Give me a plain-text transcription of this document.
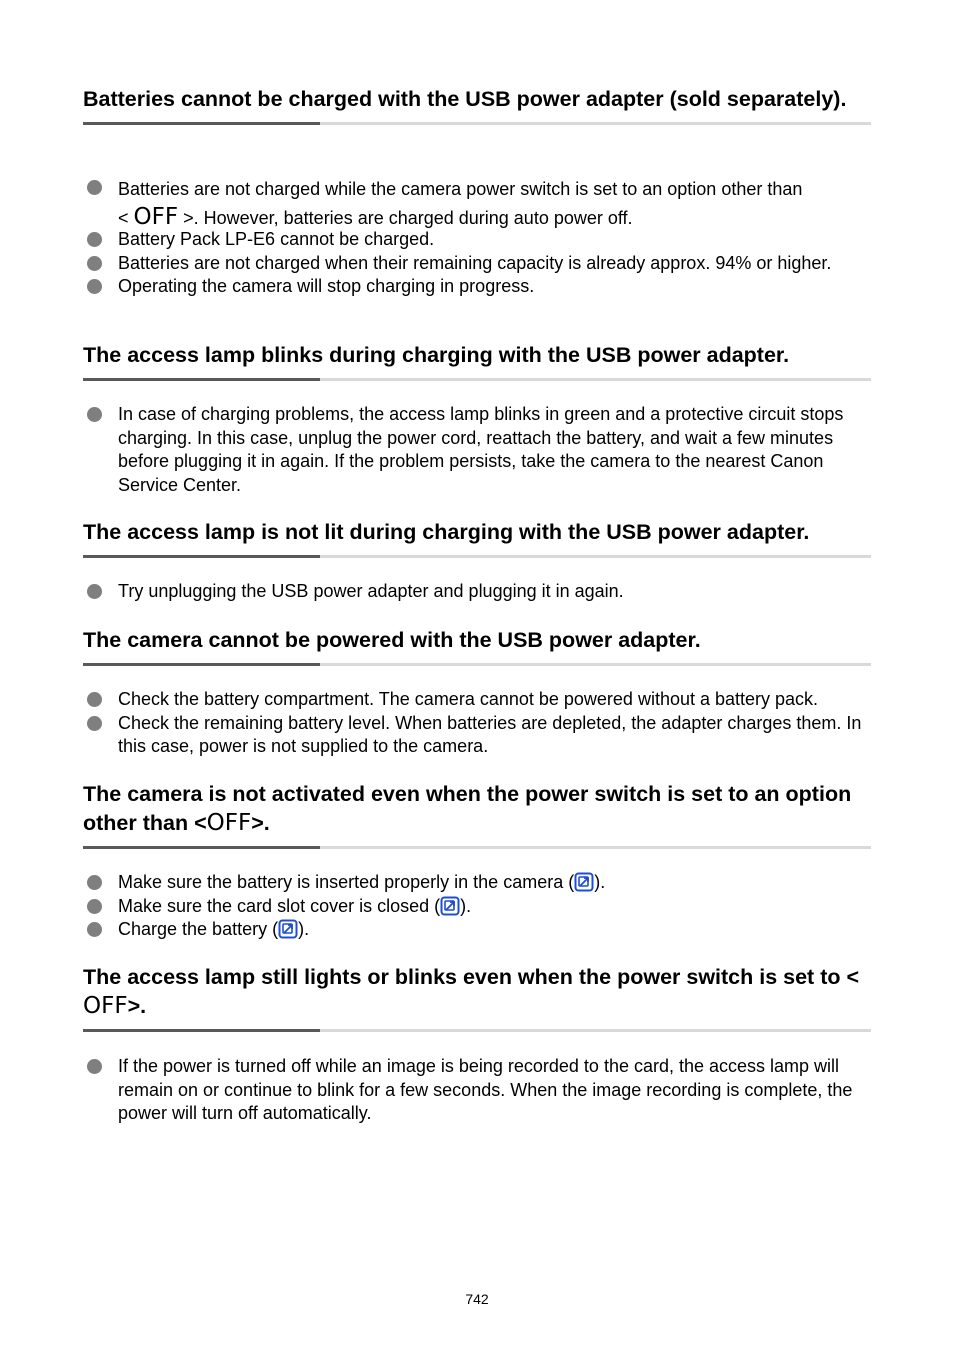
Batteries cannot be charged with the USB power adapter (sold separately).
Batteries are not charged while the camera power switch is set to an option other than
< OFF >. However, batteries are charged during auto power off.
Battery Pack LP-E6 cannot be charged.
Batteries are not charged when their remaining capacity is already approx. 94% or higher.
Operating the camera will stop charging in progress.
The access lamp blinks during charging with the USB power adapter.
In case of charging problems, the access lamp blinks in green and a protective circuit stops charging. In this case, unplug the power cord, reattach the battery, and wait a few minutes before plugging it in again. If the problem persists, take the camera to the nearest Canon Service Center.
The access lamp is not lit during charging with the USB power adapter.
Try unplugging the USB power adapter and plugging it in again.
The camera cannot be powered with the USB power adapter.
Check the battery compartment. The camera cannot be powered without a battery pack.
Check the remaining battery level. When batteries are depleted, the adapter charges them. In this case, power is not supplied to the camera.
The camera is not activated even when the power switch is set to an option other than <OFF>.
Make sure the battery is inserted properly in the camera ( ).
Make sure the card slot cover is closed ( ).
Charge the battery ( ).
The access lamp still lights or blinks even when the power switch is set to <OFF>.
If the power is turned off while an image is being recorded to the card, the access lamp will remain on or continue to blink for a few seconds. When the image recording is complete, the power will turn off automatically.
742
